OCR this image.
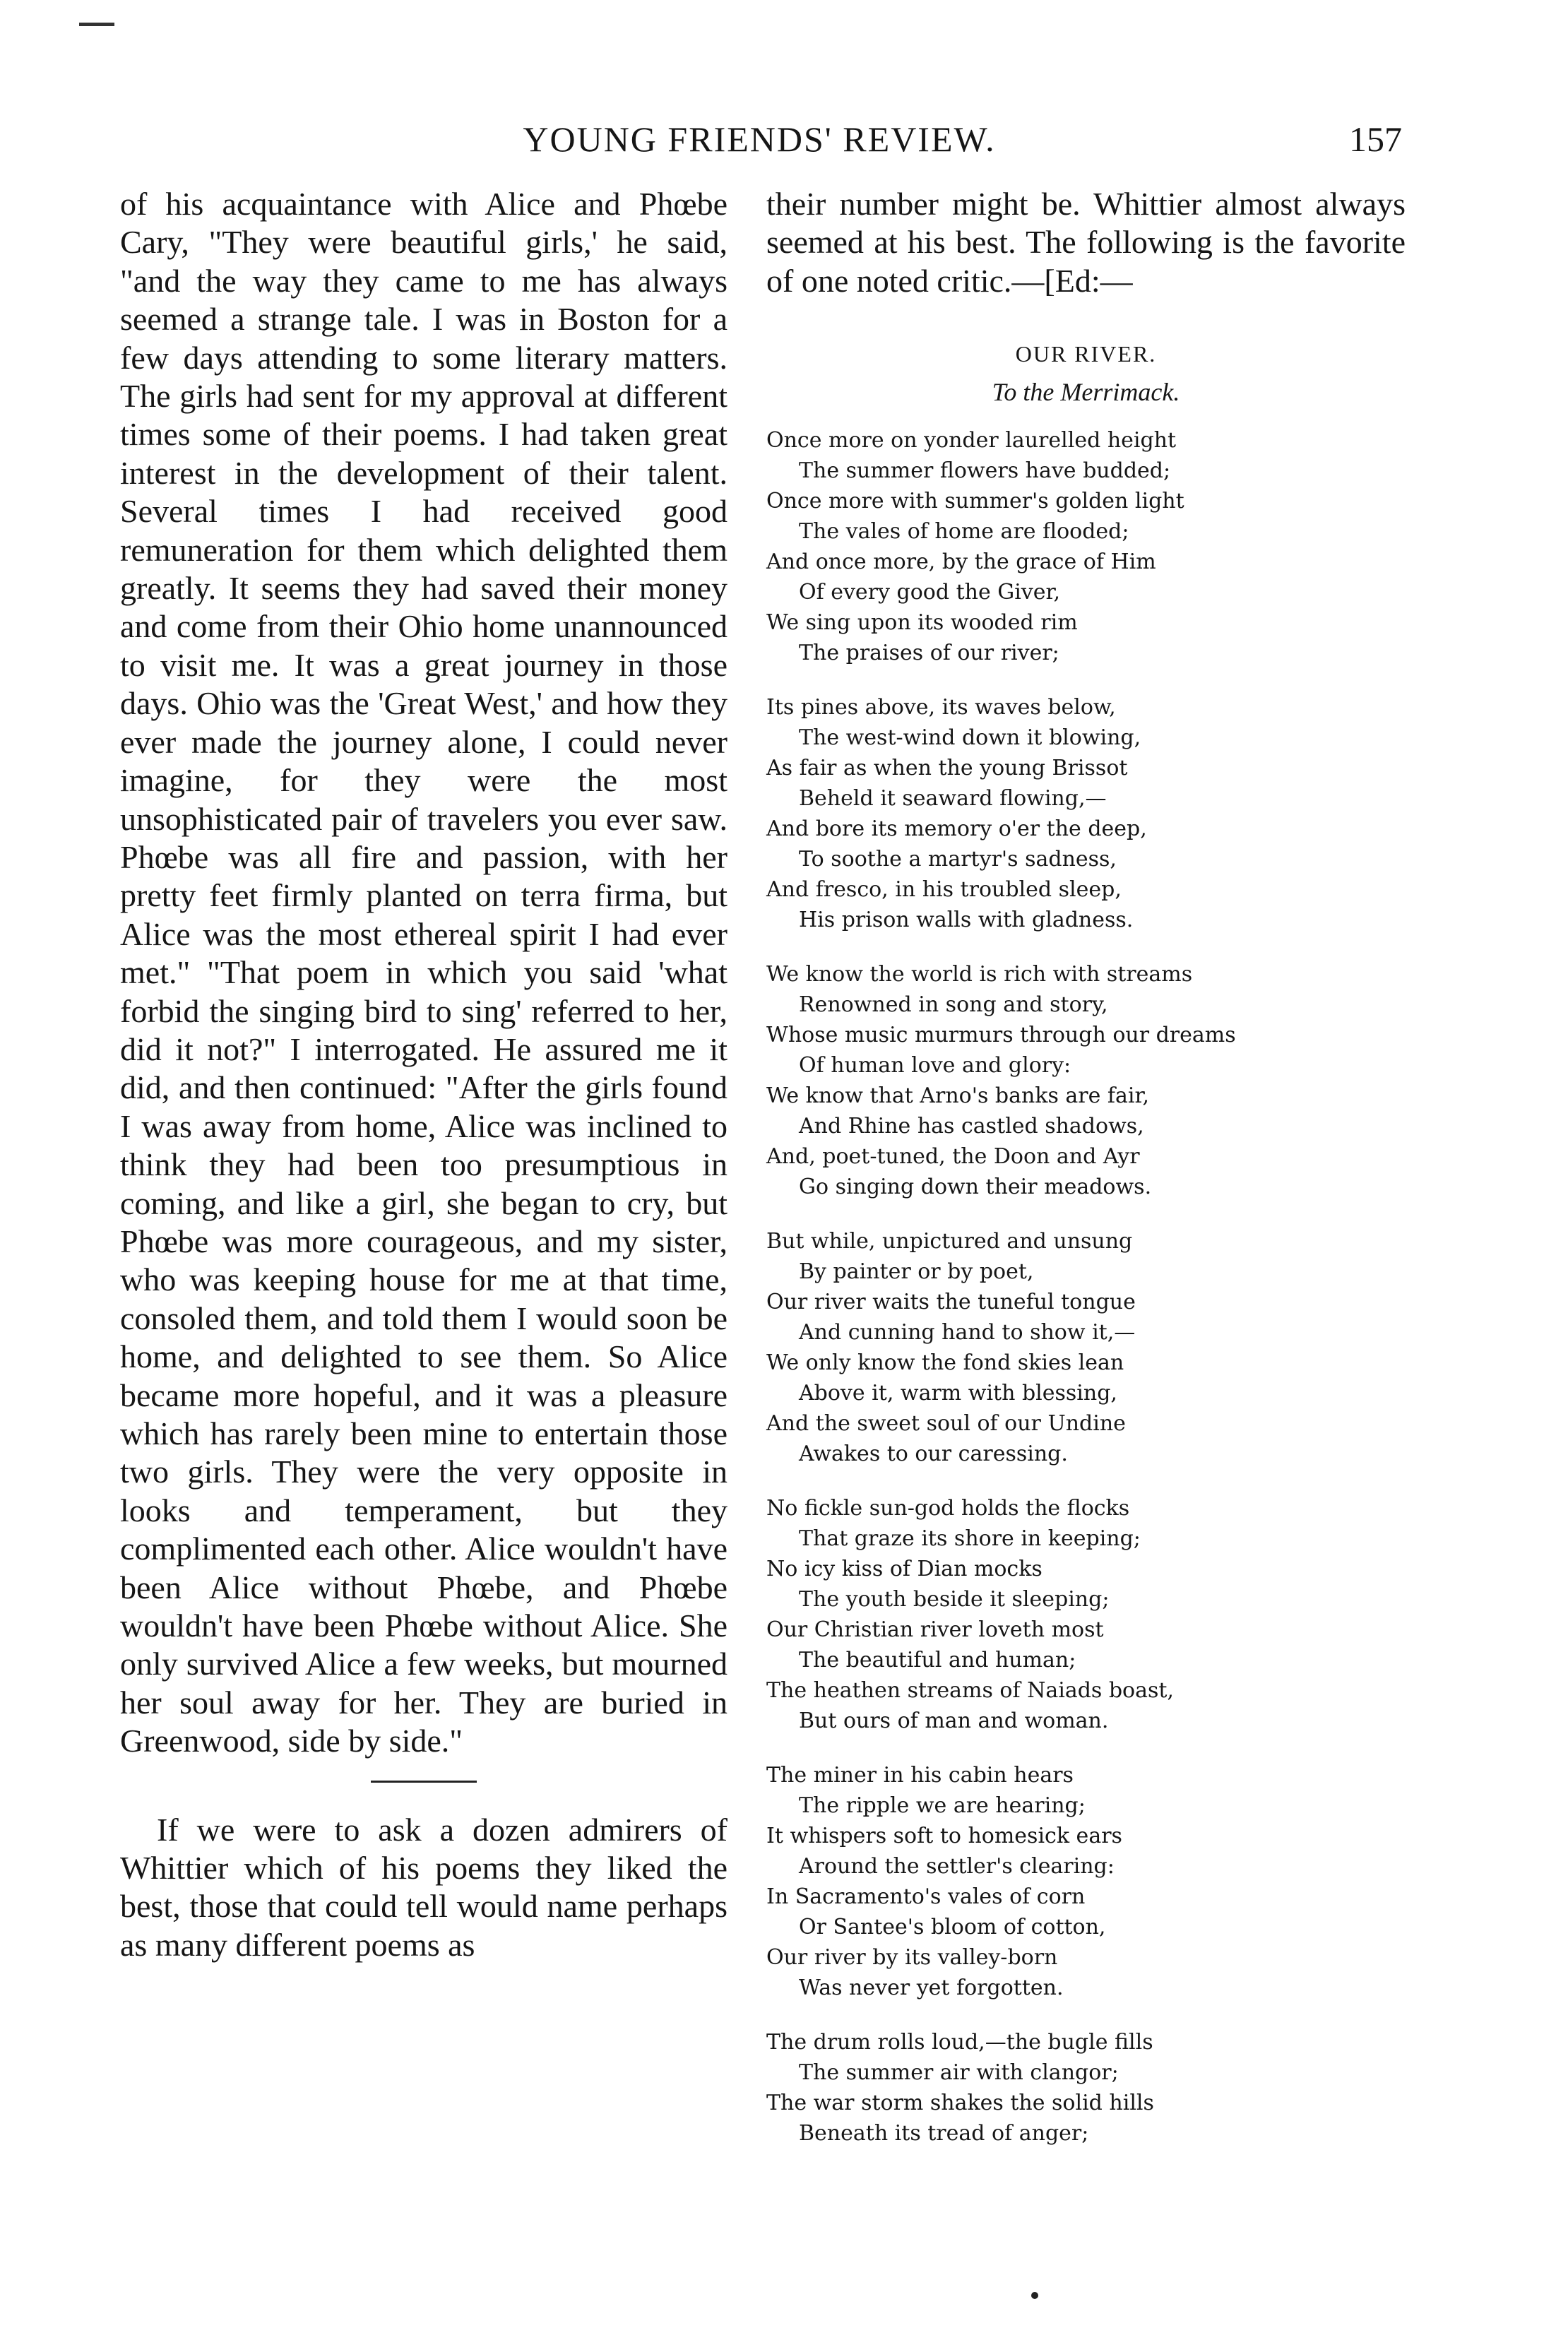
YOUNG FRIENDS' REVIEW.	157

of his acquaintance with Alice and Phœbe Cary, "They were beautiful girls,' he said, "and the way they came to me has always seemed a strange tale. I was in Boston for a few days attending to some literary matters. The girls had sent for my approval at different times some of their poems. I had taken great interest in the development of their talent. Several times I had received good remuneration for them which delighted them greatly. It seems they had saved their money and come from their Ohio home unannounced to visit me. It was a great journey in those days. Ohio was the 'Great West,' and how they ever made the journey alone, I could never imagine, for they were the most unsophisticated pair of travelers you ever saw. Phœbe was all fire and passion, with her pretty feet firmly planted on terra firma, but Alice was the most ethereal spirit I had ever met." "That poem in which you said 'what forbid the singing bird to sing' referred to her, did it not?" I interrogated. He assured me it did, and then continued: "After the girls found I was away from home, Alice was inclined to think they had been too presumptious in coming, and like a girl, she began to cry, but Phœbe was more courageous, and my sister, who was keeping house for me at that time, consoled them, and told them I would soon be home, and delighted to see them. So Alice became more hopeful, and it was a pleasure which has rarely been mine to entertain those two girls. They were the very opposite in looks and temperament, but they complimented each other. Alice wouldn't have been Alice without Phœbe, and Phœbe wouldn't have been Phœbe without Alice. She only survived Alice a few weeks, but mourned her soul away for her. They are buried in Greenwood, side by side."

If we were to ask a dozen admirers of Whittier which of his poems they liked the best, those that could tell would name perhaps as many different poems as

their number might be. Whittier almost always seemed at his best. The following is the favorite of one noted critic.—[Ed:—

OUR RIVER.
To the Merrimack.
Once more on yonder laurelled height
The summer flowers have budded;
Once more with summer's golden light
The vales of home are flooded;
And once more, by the grace of Him
Of every good the Giver,
We sing upon its wooded rim
The praises of our river;
Its pines above, its waves below,
The west-wind down it blowing,
As fair as when the young Brissot
Beheld it seaward flowing,—
And bore its memory o'er the deep,
To soothe a martyr's sadness,
And fresco, in his troubled sleep,
His prison walls with gladness.
We know the world is rich with streams
Renowned in song and story,
Whose music murmurs through our dreams
Of human love and glory:
We know that Arno's banks are fair,
And Rhine has castled shadows,
And, poet-tuned, the Doon and Ayr
Go singing down their meadows.
But while, unpictured and unsung
By painter or by poet,
Our river waits the tuneful tongue
And cunning hand to show it,—
We only know the fond skies lean
Above it, warm with blessing,
And the sweet soul of our Undine
Awakes to our caressing.
No fickle sun-god holds the flocks
That graze its shore in keeping;
No icy kiss of Dian mocks
The youth beside it sleeping;
Our Christian river loveth most
The beautiful and human;
The heathen streams of Naiads boast,
But ours of man and woman.
The miner in his cabin hears
The ripple we are hearing;
It whispers soft to homesick ears
Around the settler's clearing:
In Sacramento's vales of corn
Or Santee's bloom of cotton,
Our river by its valley-born
Was never yet forgotten.
The drum rolls loud,—the bugle fills
The summer air with clangor;
The war storm shakes the solid hills
Beneath its tread of anger;
